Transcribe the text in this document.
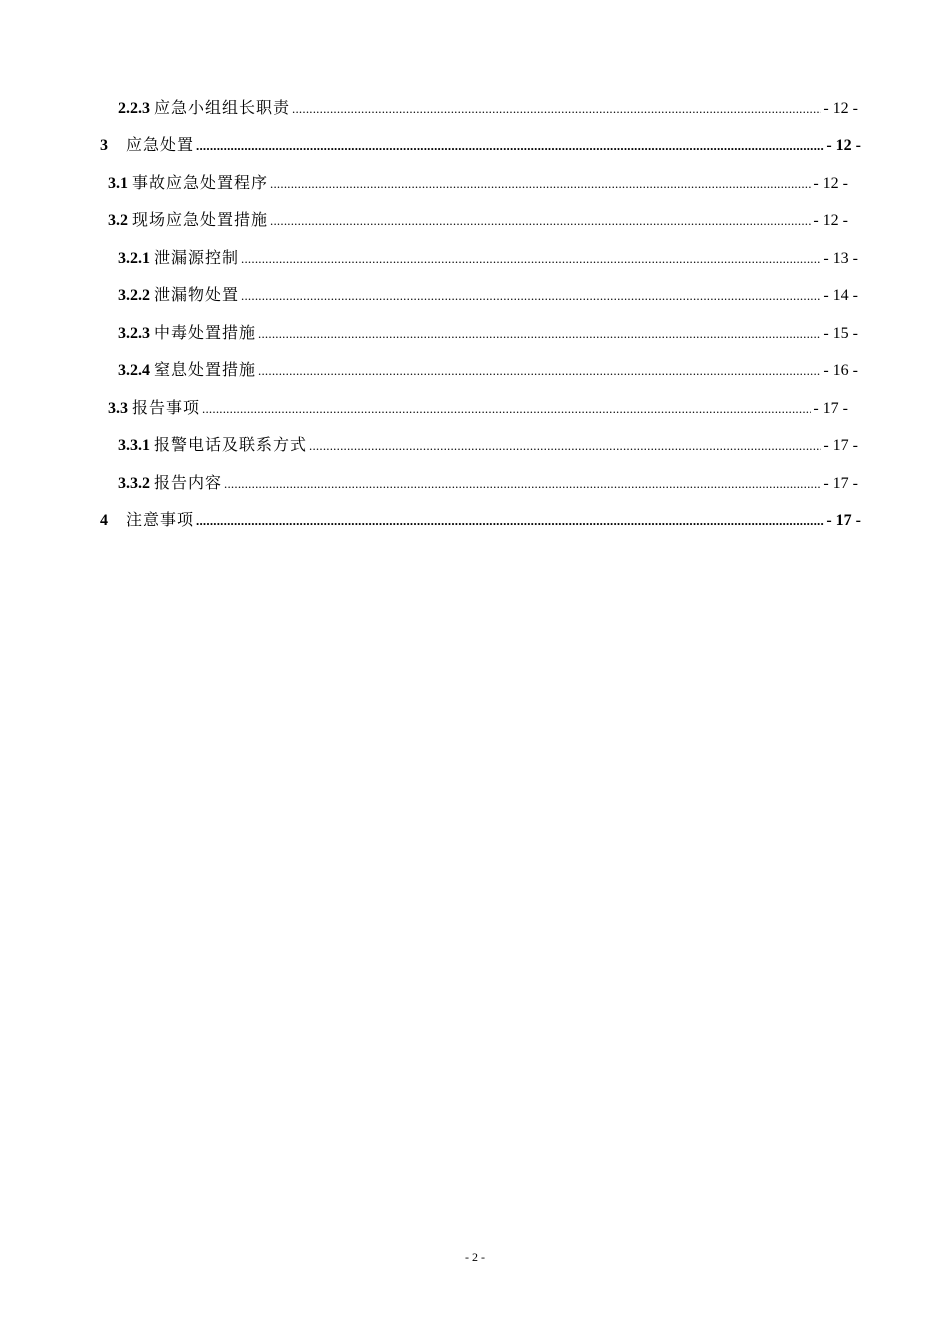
2.2.3 应急小组组长职责 .....	- 12 -
3 应急处置 .....	- 12 -
3.1 事故应急处置程序 .....	- 12 -
3.2 现场应急处置措施 .....	- 12 -
3.2.1 泄漏源控制 .....	- 13 -
3.2.2 泄漏物处置 .....	- 14 -
3.2.3 中毒处置措施 .....	- 15 -
3.2.4 窒息处置措施 .....	- 16 -
3.3 报告事项 .....	- 17 -
3.3.1 报警电话及联系方式 .....	- 17 -
3.3.2 报告内容 .....	- 17 -
4 注意事项 .....	- 17 -
- 2 -
